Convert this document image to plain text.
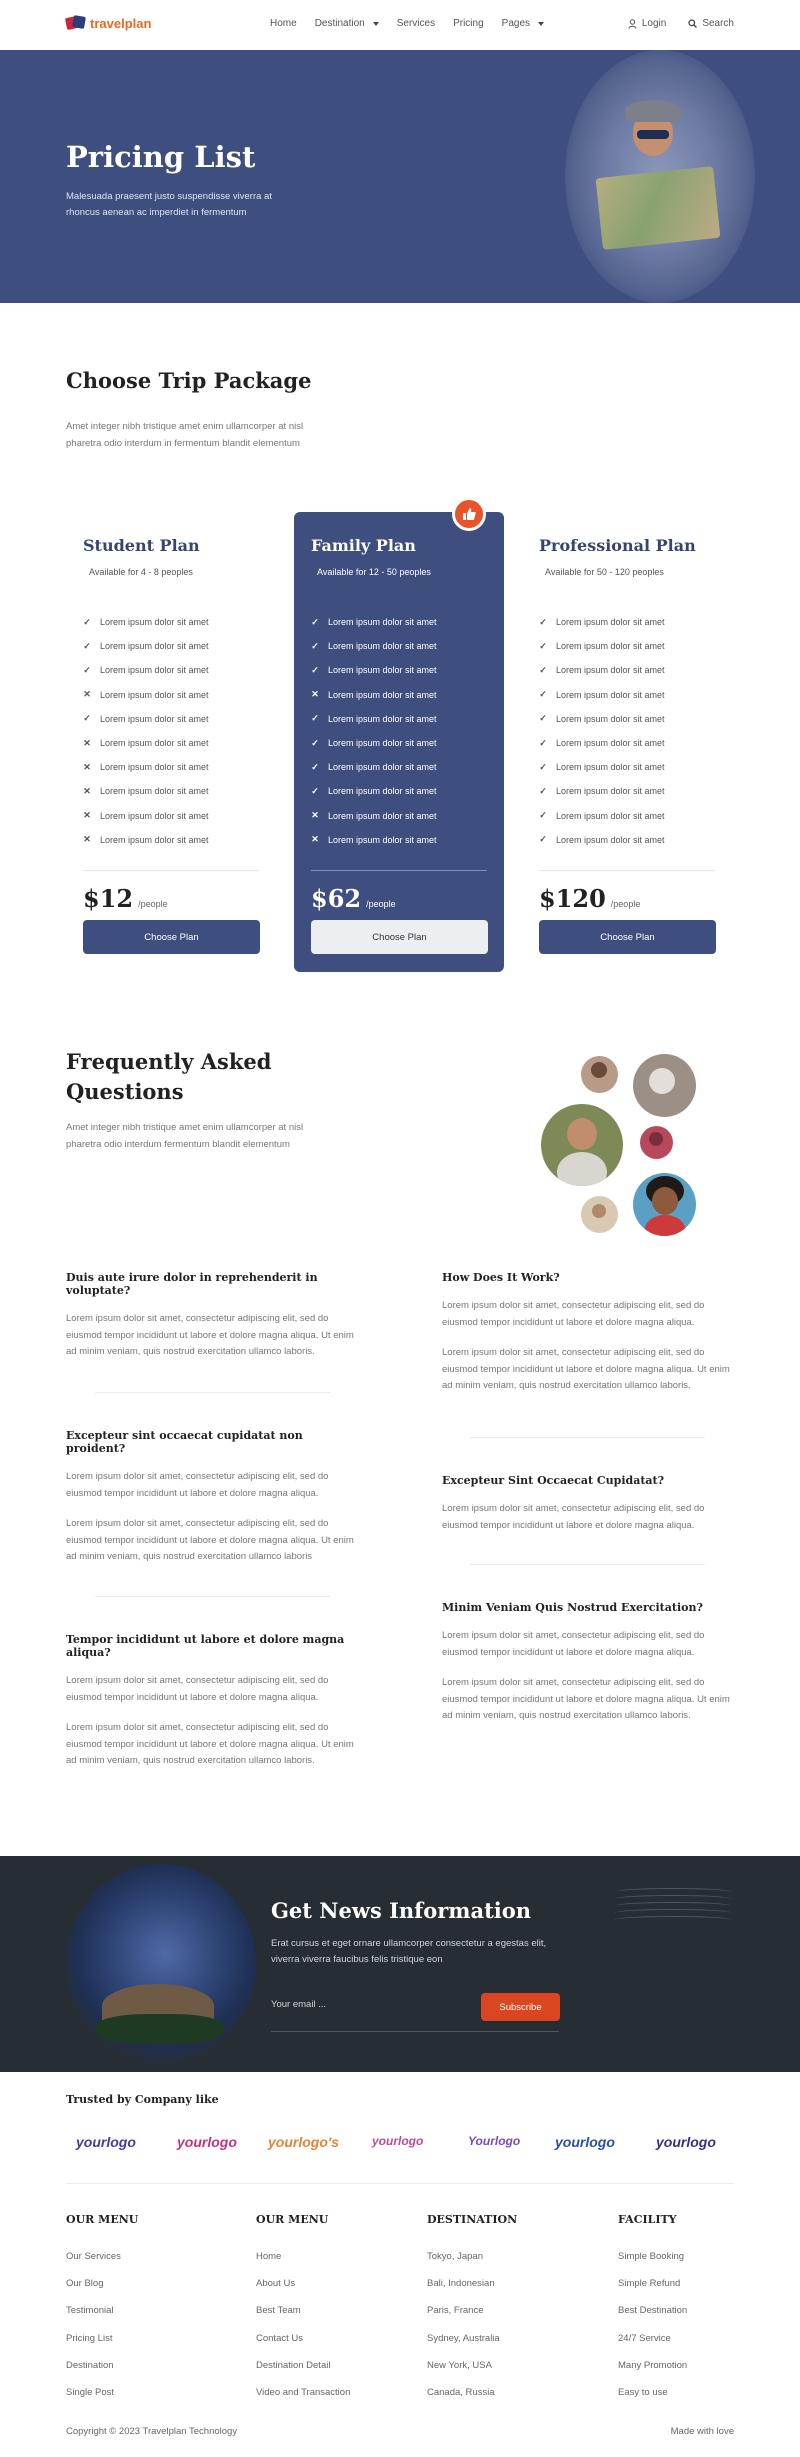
travelplan	Home Destination	Services Pricing Pages	Login	Search
Pricing List
Malesuada praesent justo suspendisse viverra at rhoncus aenean ac imperdiet in fermentum
Choose Trip Package
Amet integer nibh tristique amet enim ullamcorper at nisl pharetra odio interdum in fermentum blandit elementum
Student Plan
Available for 4 - 8 peoples
✓ Lorem ipsum dolor sit amet
✓ Lorem ipsum dolor sit amet
✓ Lorem ipsum dolor sit amet
✕ Lorem ipsum dolor sit amet
✓ Lorem ipsum dolor sit amet
✕ Lorem ipsum dolor sit amet
✕ Lorem ipsum dolor sit amet
✕ Lorem ipsum dolor sit amet
✕ Lorem ipsum dolor sit amet
✕ Lorem ipsum dolor sit amet
$12 /people
Choose Plan
Family Plan
Available for 12 - 50 peoples
✓ Lorem ipsum dolor sit amet
✓ Lorem ipsum dolor sit amet
✓ Lorem ipsum dolor sit amet
✕ Lorem ipsum dolor sit amet
✓ Lorem ipsum dolor sit amet
✓ Lorem ipsum dolor sit amet
✓ Lorem ipsum dolor sit amet
✓ Lorem ipsum dolor sit amet
✕ Lorem ipsum dolor sit amet
✕ Lorem ipsum dolor sit amet
$62 /people
Choose Plan
Professional Plan
Available for 50 - 120 peoples
✓ Lorem ipsum dolor sit amet
✓ Lorem ipsum dolor sit amet
✓ Lorem ipsum dolor sit amet
✓ Lorem ipsum dolor sit amet
✓ Lorem ipsum dolor sit amet
✓ Lorem ipsum dolor sit amet
✓ Lorem ipsum dolor sit amet
✓ Lorem ipsum dolor sit amet
✓ Lorem ipsum dolor sit amet
✓ Lorem ipsum dolor sit amet
$120 /people
Choose Plan
Frequently Asked Questions
Amet integer nibh tristique amet enim ullamcorper at nisl pharetra odio interdum fermentum blandit elementum
Duis aute irure dolor in reprehenderit in voluptate?
Lorem ipsum dolor sit amet, consectetur adipiscing elit, sed do eiusmod tempor incididunt ut labore et dolore magna aliqua. Ut enim ad minim veniam, quis nostrud exercitation ullamco laboris.
Excepteur sint occaecat cupidatat non proident?
Lorem ipsum dolor sit amet, consectetur adipiscing elit, sed do eiusmod tempor incididunt ut labore et dolore magna aliqua.
Lorem ipsum dolor sit amet, consectetur adipiscing elit, sed do eiusmod tempor incididunt ut labore et dolore magna aliqua. Ut enim ad minim veniam, quis nostrud exercitation ullamco laboris
Tempor incididunt ut labore et dolore magna aliqua?
Lorem ipsum dolor sit amet, consectetur adipiscing elit, sed do eiusmod tempor incididunt ut labore et dolore magna aliqua.
Lorem ipsum dolor sit amet, consectetur adipiscing elit, sed do eiusmod tempor incididunt ut labore et dolore magna aliqua. Ut enim ad minim veniam, quis nostrud exercitation ullamco laboris.
How Does It Work?
Lorem ipsum dolor sit amet, consectetur adipiscing elit, sed do eiusmod tempor incididunt ut labore et dolore magna aliqua.
Lorem ipsum dolor sit amet, consectetur adipiscing elit, sed do eiusmod tempor incididunt ut labore et dolore magna aliqua. Ut enim ad minim veniam, quis nostrud exercitation ullamco laboris.
Excepteur Sint Occaecat Cupidatat?
Lorem ipsum dolor sit amet, consectetur adipiscing elit, sed do eiusmod tempor incididunt ut labore et dolore magna aliqua.
Minim Veniam Quis Nostrud Exercitation?
Lorem ipsum dolor sit amet, consectetur adipiscing elit, sed do eiusmod tempor incididunt ut labore et dolore magna aliqua.
Lorem ipsum dolor sit amet, consectetur adipiscing elit, sed do eiusmod tempor incididunt ut labore et dolore magna aliqua. Ut enim ad minim veniam, quis nostrud exercitation ullamco laboris.
Get News Information
Erat cursus et eget ornare ullamcorper consectetur a egestas elit, viverra viverra faucibus felis tristique eon
Your email ...
Subscribe
Trusted by Company like
yourlogo	yourlogo yourlogo's	yourlogo	Yourlogo yourlogo	yourlogo
OUR MENU
Our Services
Our Blog
Testimonial
Pricing List
Destination
Single Post
OUR MENU
Home
About Us
Best Team
Contact Us
Destination Detail
Video and Transaction
DESTINATION
Tokyo, Japan
Bali, Indonesian
Paris, France
Sydney, Australia
New York, USA
Canada, Russia
FACILITY
Simple Booking
Simple Refund
Best Destination
24/7 Service
Many Promotion
Easy to use
Copyright © 2023 Travelplan Technology	Made with love
